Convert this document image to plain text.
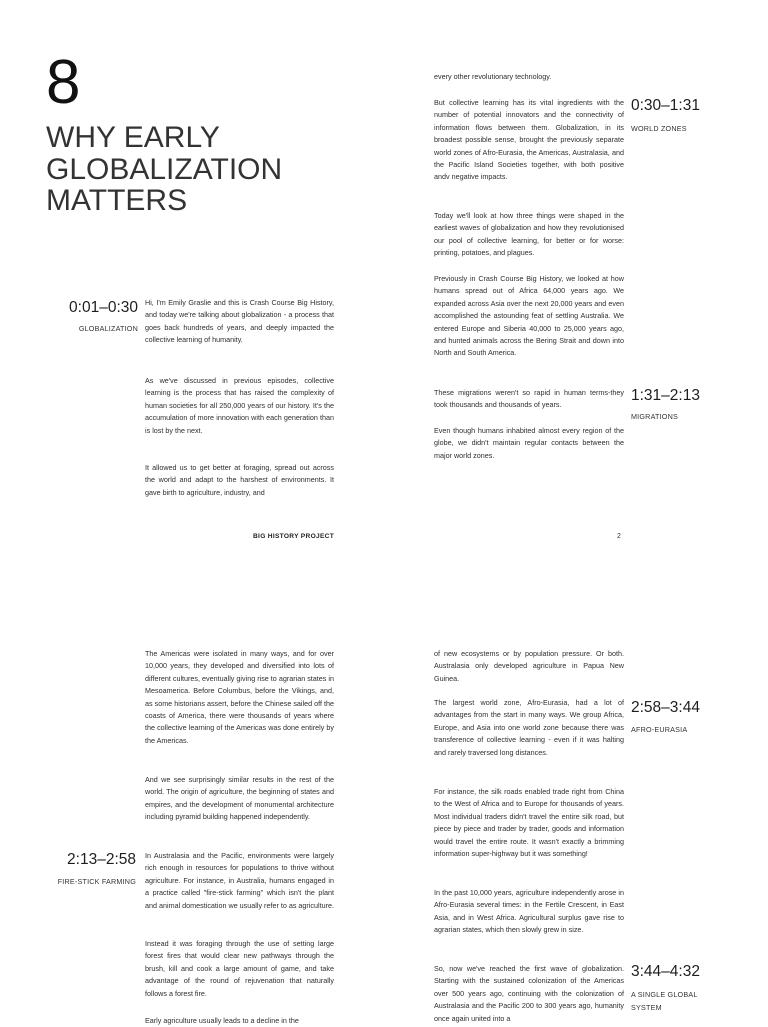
8
WHY EARLY GLOBALIZATION MATTERS
0:01–0:30
GLOBALIZATION

Hi, I'm Emily Graslie and this is Crash Course Big History, and today we're talking about globalization - a process that goes back hundreds of years, and deeply impacted the collective learning of humanity.

As we've discussed in previous episodes, collective learning is the process that has raised the complexity of human societies for all 250,000 years of our history. It's the accumulation of more innovation with each generation than is lost by the next.

It allowed us to get better at foraging, spread out across the world and adapt to the harshest of environments. It gave birth to agriculture, industry, and

every other revolutionary technology.

But collective learning has its vital ingredients with the number of potential innovators and the connectivity of information flows between them. Globalization, in its broadest possible sense, brought the previously separate world zones of Afro-Eurasia, the Americas, Australasia, and the Pacific Island Societies together, with both positive andv negative impacts.

Today we'll look at how three things were shaped in the earliest waves of globalization and how they revolutionised our pool of collective learning, for better or for worse: printing, potatoes, and plagues.

Previously in Crash Course Big History, we looked at how humans spread out of Africa 64,000 years ago. We expanded across Asia over the next 20,000 years and even accomplished the astounding feat of settling Australia. We entered Europe and Siberia 40,000 to 25,000 years ago, and hunted animals across the Bering Strait and down into North and South America.

These migrations weren't so rapid in human terms-they took thousands and thousands of years.

Even though humans inhabited almost every region of the globe, we didn't maintain regular contacts between the major world zones.

0:30–1:31
WORLD ZONES
1:31–2:13
MIGRATIONS
BIG HISTORY PROJECT	2

The Americas were isolated in many ways, and for over 10,000 years, they developed and diversified into lots of different cultures, eventually giving rise to agrarian states in Mesoamerica. Before Columbus, before the Vikings, and, as some historians assert, before the Chinese sailed off the coasts of America, there were thousands of years where the collective learning of the Americas was done entirely by the Americas.

And we see surprisingly similar results in the rest of the world. The origin of agriculture, the beginning of states and empires, and the development of monumental architecture including pyramid building happened independently.

In Australasia and the Pacific, environments were largely rich enough in resources for populations to thrive without agriculture. For instance, in Australia, humans engaged in a practice called "fire-stick farming" which isn't the plant and animal domestication we usually refer to as agriculture.

Instead it was foraging through the use of setting large forest fires that would clear new pathways through the brush, kill and cook a large amount of game, and take advantage of the round of rejuvenation that naturally follows a forest fire.

Early agriculture usually leads to a decline in the

2:13–2:58
FIRE-STICK FARMING

of new ecosystems or by population pressure. Or both. Australasia only developed agriculture in Papua New Guinea.

The largest world zone, Afro-Eurasia, had a lot of advantages from the start in many ways. We group Africa, Europe, and Asia into one world zone because there was transference of collective learning - even if it was halting and rarely traversed long distances.

For instance, the silk roads enabled trade right from China to the West of Africa and to Europe for thousands of years. Most individual traders didn't travel the entire silk road, but piece by piece and trader by trader, goods and information would travel the entire route. It wasn't exactly a brimming information super-highway but it was something!

In the past 10,000 years, agriculture independently arose in Afro-Eurasia several times: in the Fertile Crescent, in East Asia, and in West Africa. Agricultural surplus gave rise to agrarian states, which then slowly grew in size.

So, now we've reached the first wave of globalization. Starting with the sustained colonization of the Americas over 500 years ago, continuing with the colonization of Australasia and the Pacific 200 to 300 years ago, humanity once again united into a

2:58–3:44
AFRO-EURASIA
3:44–4:32
A SINGLE GLOBAL SYSTEM
